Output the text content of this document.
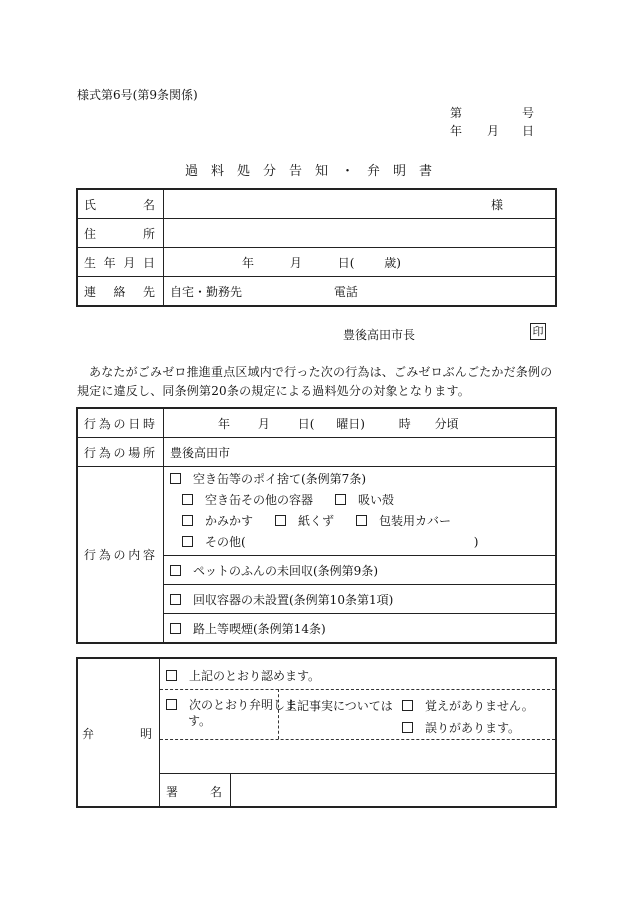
様式第6号(第9条関係)
第	号
年 月 日
過料処分告知・弁明書
氏　名	様
住　所	
生年月日	年 月 日( 歳)
連絡先	自宅・勤務先 電話
豊後高田市長	印
あなたがごみゼロ推進重点区域内で行った次の行為は、ごみゼロぶんごたかだ条例の規定に違反し、同条例第20条の規定による過料処分の対象となります。
行為の日時	年 月 日( 曜日) 時 分頃
行為の場所	豊後高田市
行為の内容	空き缶等のポイ捨て(条例第7条)
空き缶その他の容器 吸い殻
かみかす 紙くず 包装用カバー
その他( )

	ペットのふんの未回収(条例第9条)
	回収容器の未設置(条例第10条第1項)
	路上等喫煙(条例第14条)
弁　明
上記のとおり認めます。
次のとおり弁明します。
上記事実については	覚えがありません。
誤りがあります。
署　名
